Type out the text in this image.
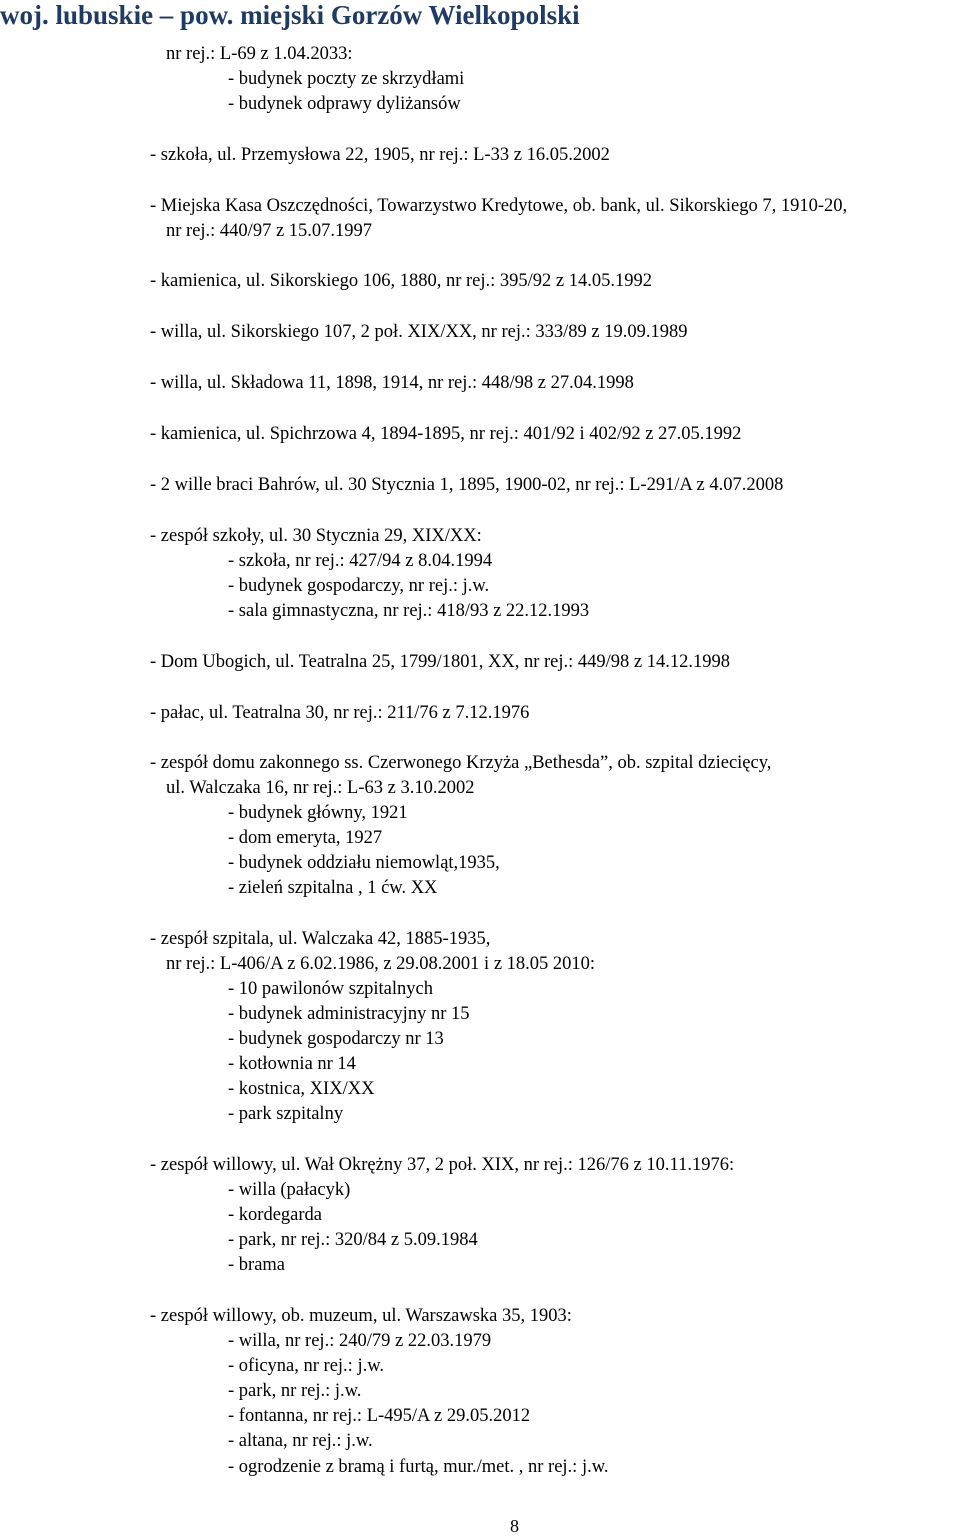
woj. lubuskie – pow. miejski Gorzów Wielkopolski
nr rej.: L-69 z 1.04.2033:
- budynek poczty ze skrzydłami
- budynek odprawy dyliżansów
- szkoła, ul. Przemysłowa 22, 1905, nr rej.: L-33 z 16.05.2002
- Miejska Kasa Oszczędności, Towarzystwo Kredytowe, ob. bank, ul. Sikorskiego 7, 1910-20,
nr rej.: 440/97 z 15.07.1997
- kamienica, ul. Sikorskiego 106, 1880, nr rej.: 395/92 z 14.05.1992
- willa, ul. Sikorskiego 107, 2 poł. XIX/XX, nr rej.: 333/89 z 19.09.1989
- willa, ul. Składowa 11, 1898, 1914, nr rej.: 448/98 z 27.04.1998
- kamienica, ul. Spichrzowa 4, 1894-1895, nr rej.: 401/92 i 402/92 z 27.05.1992
- 2 wille braci Bahrów, ul. 30 Stycznia 1, 1895, 1900-02, nr rej.: L-291/A z 4.07.2008
- zespół szkoły, ul. 30 Stycznia 29, XIX/XX:
- szkoła, nr rej.: 427/94 z 8.04.1994
- budynek gospodarczy, nr rej.: j.w.
- sala gimnastyczna, nr rej.: 418/93 z 22.12.1993
- Dom Ubogich, ul. Teatralna 25, 1799/1801, XX, nr rej.: 449/98 z 14.12.1998
- pałac, ul. Teatralna 30, nr rej.: 211/76 z 7.12.1976
- zespół domu zakonnego ss. Czerwonego Krzyża „Bethesda”, ob. szpital dziecięcy,
ul. Walczaka 16, nr rej.: L-63 z 3.10.2002
- budynek główny, 1921
- dom emeryta, 1927
- budynek oddziału niemowląt,1935,
- zieleń szpitalna , 1 ćw. XX
- zespół szpitala, ul. Walczaka 42, 1885-1935,
nr rej.: L-406/A z 6.02.1986, z 29.08.2001 i z 18.05 2010:
- 10 pawilonów szpitalnych
- budynek administracyjny nr 15
- budynek gospodarczy nr 13
- kotłownia nr 14
- kostnica, XIX/XX
- park szpitalny
- zespół willowy, ul. Wał Okrężny 37, 2 poł. XIX, nr rej.: 126/76 z 10.11.1976:
- willa (pałacyk)
- kordegarda
- park, nr rej.: 320/84 z 5.09.1984
- brama
- zespół willowy, ob. muzeum, ul. Warszawska 35, 1903:
- willa, nr rej.: 240/79 z 22.03.1979
- oficyna, nr rej.: j.w.
- park, nr rej.: j.w.
- fontanna, nr rej.: L-495/A z 29.05.2012
- altana, nr rej.: j.w.
- ogrodzenie z bramą i furtą, mur./met. , nr rej.: j.w.
8
